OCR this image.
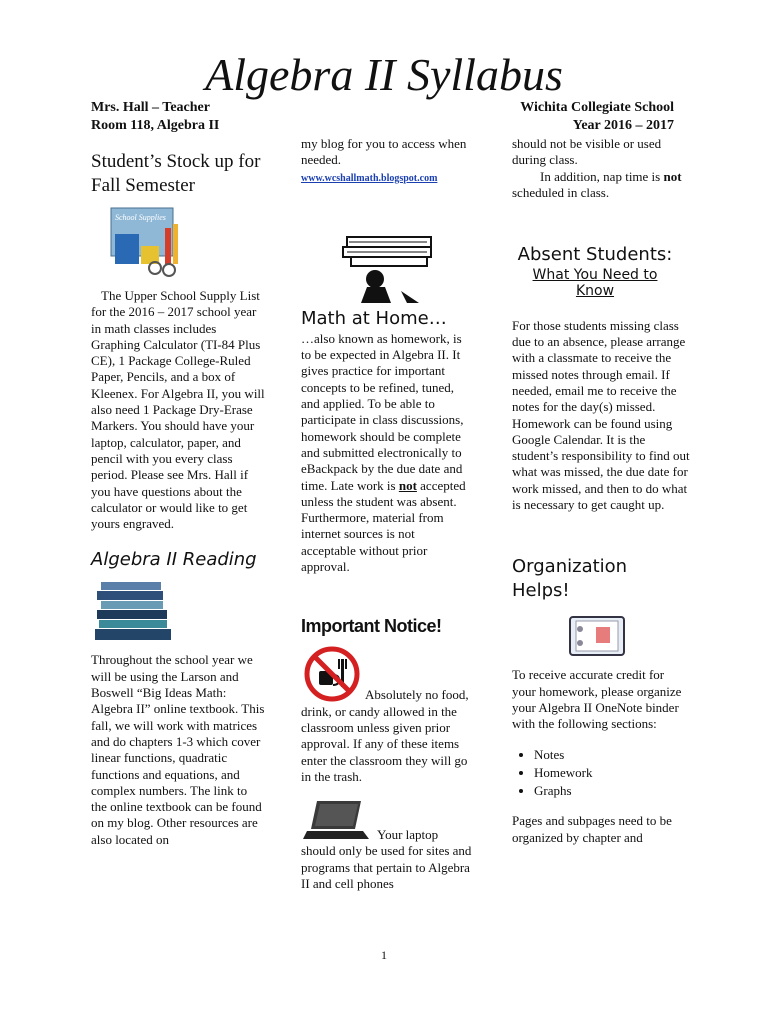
Algebra II Syllabus
Mrs. Hall – Teacher
Room 118, Algebra II
Wichita Collegiate School
Year 2016 – 2017
Student’s Stock up for Fall Semester
School Supplies

The Upper School Supply List for the 2016 – 2017 school year in math classes includes Graphing Calculator (TI-84 Plus CE), 1 Package College-Ruled Paper, Pencils, and a box of Kleenex. For Algebra II, you will also need 1 Package Dry-Erase Markers. You should have your laptop, calculator, paper, and pencil with you every class period. Please see Mrs. Hall if you have questions about the calculator or would like to get yours engraved.

Algebra II Reading

Throughout the school year we will be using the Larson and Boswell “Big Ideas Math: Algebra II” online textbook. This fall, we will work with matrices and do chapters 1-3 which cover linear functions, quadratic functions and equations, and complex numbers. The link to the online textbook can be found on my blog. Other resources are also located on

my blog for you to access when needed.

www.wcshallmath.blogspot.com
Math at Home…

…also known as homework, is to be expected in Algebra II. It gives practice for important concepts to be refined, tuned, and applied. To be able to participate in class discussions, homework should be complete and submitted electronically to eBackpack by the due date and time. Late work is not accepted unless the student was absent. Furthermore, material from internet sources is not acceptable without prior approval.

Important Notice!

Absolutely no food, drink, or candy allowed in the classroom unless given prior approval. If any of these items enter the classroom they will go in the trash.

Your laptop should only be used for sites and programs that pertain to Algebra II and cell phones

should not be visible or used during class.

In addition, nap time is not scheduled in class.

Absent Students:
What You Need to Know

For those students missing class due to an absence, please arrange with a classmate to receive the missed notes through email. If needed, email me to receive the notes for the day(s) missed. Homework can be found using Google Calendar. It is the student’s responsibility to find out what was missed, the due date for work missed, and then to do what is necessary to get caught up.

Organization Helps!

To receive accurate credit for your homework, please organize your Algebra II OneNote binder with the following sections:

• Notes
• Homework
• Graphs

Pages and subpages need to be organized by chapter and

1
